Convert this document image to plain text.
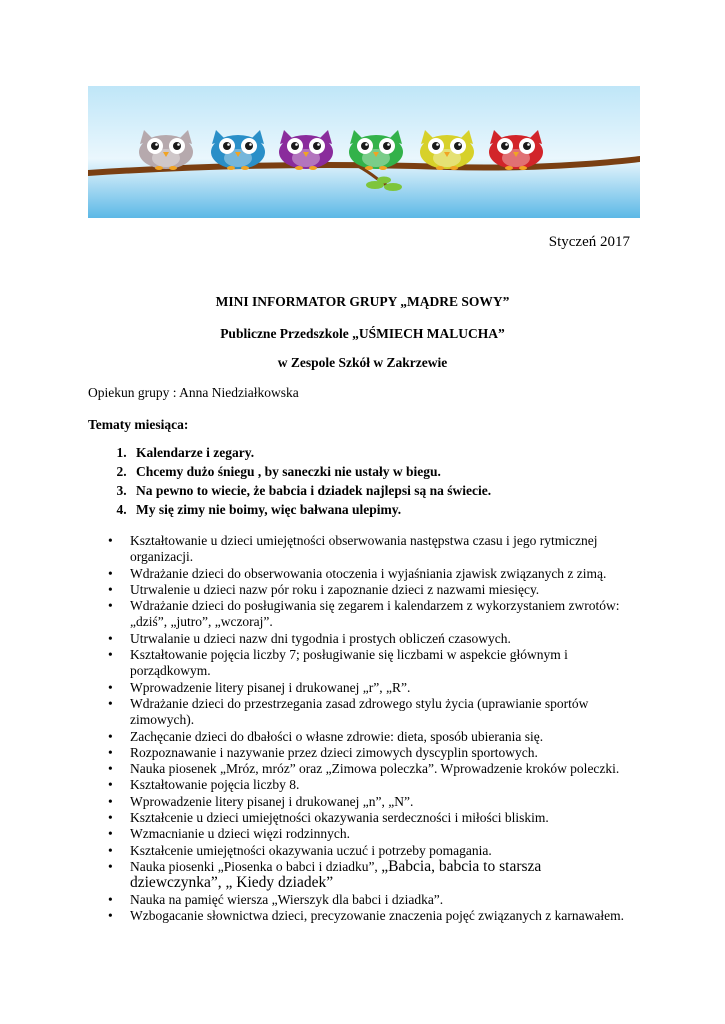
Styczeń 2017
MINI INFORMATOR GRUPY „MĄDRE SOWY”
Publiczne Przedszkole „UŚMIECH MALUCHA”
w Zespole Szkół w Zakrzewie
Opiekun grupy : Anna Niedziałkowska
Tematy miesiąca:
1. Kalendarze i zegary.
2. Chcemy dużo śniegu , by saneczki nie ustały w biegu.
3. Na pewno to wiecie, że babcia i dziadek najlepsi są na świecie.
4. My się zimy nie boimy, więc bałwana ulepimy.
• Kształtowanie u dzieci umiejętności obserwowania następstwa czasu i jego rytmicznej organizacji.
• Wdrażanie dzieci do obserwowania otoczenia i wyjaśniania zjawisk związanych z zimą.
• Utrwalenie u dzieci nazw pór roku i zapoznanie dzieci z nazwami miesięcy.
• Wdrażanie dzieci do posługiwania się zegarem i kalendarzem z wykorzystaniem zwrotów: „dziś”, „jutro”, „wczoraj”.
• Utrwalanie u dzieci nazw dni tygodnia i prostych obliczeń czasowych.
• Kształtowanie pojęcia liczby 7; posługiwanie się liczbami w aspekcie głównym i porządkowym.
• Wprowadzenie litery pisanej i drukowanej „r”, „R”.
• Wdrażanie dzieci do przestrzegania zasad zdrowego stylu życia (uprawianie sportów zimowych).
• Zachęcanie dzieci do dbałości o własne zdrowie: dieta, sposób ubierania się.
• Rozpoznawanie i nazywanie przez dzieci zimowych dyscyplin sportowych.
• Nauka piosenek „Mróz, mróz” oraz „Zimowa poleczka”. Wprowadzenie kroków poleczki.
• Kształtowanie pojęcia liczby 8.
• Wprowadzenie litery pisanej i drukowanej „n”, „N”.
• Kształcenie u dzieci umiejętności okazywania serdeczności i miłości bliskim.
• Wzmacnianie u dzieci więzi rodzinnych.
• Kształcenie umiejętności okazywania uczuć i potrzeby pomagania.
• Nauka piosenki „Piosenka o babci i dziadku”, „Babcia, babcia to starsza dziewczynka”, „ Kiedy dziadek”
• Nauka na pamięć wiersza „Wierszyk dla babci i dziadka”.
• Wzbogacanie słownictwa dzieci, precyzowanie znaczenia pojęć związanych z karnawałem.
